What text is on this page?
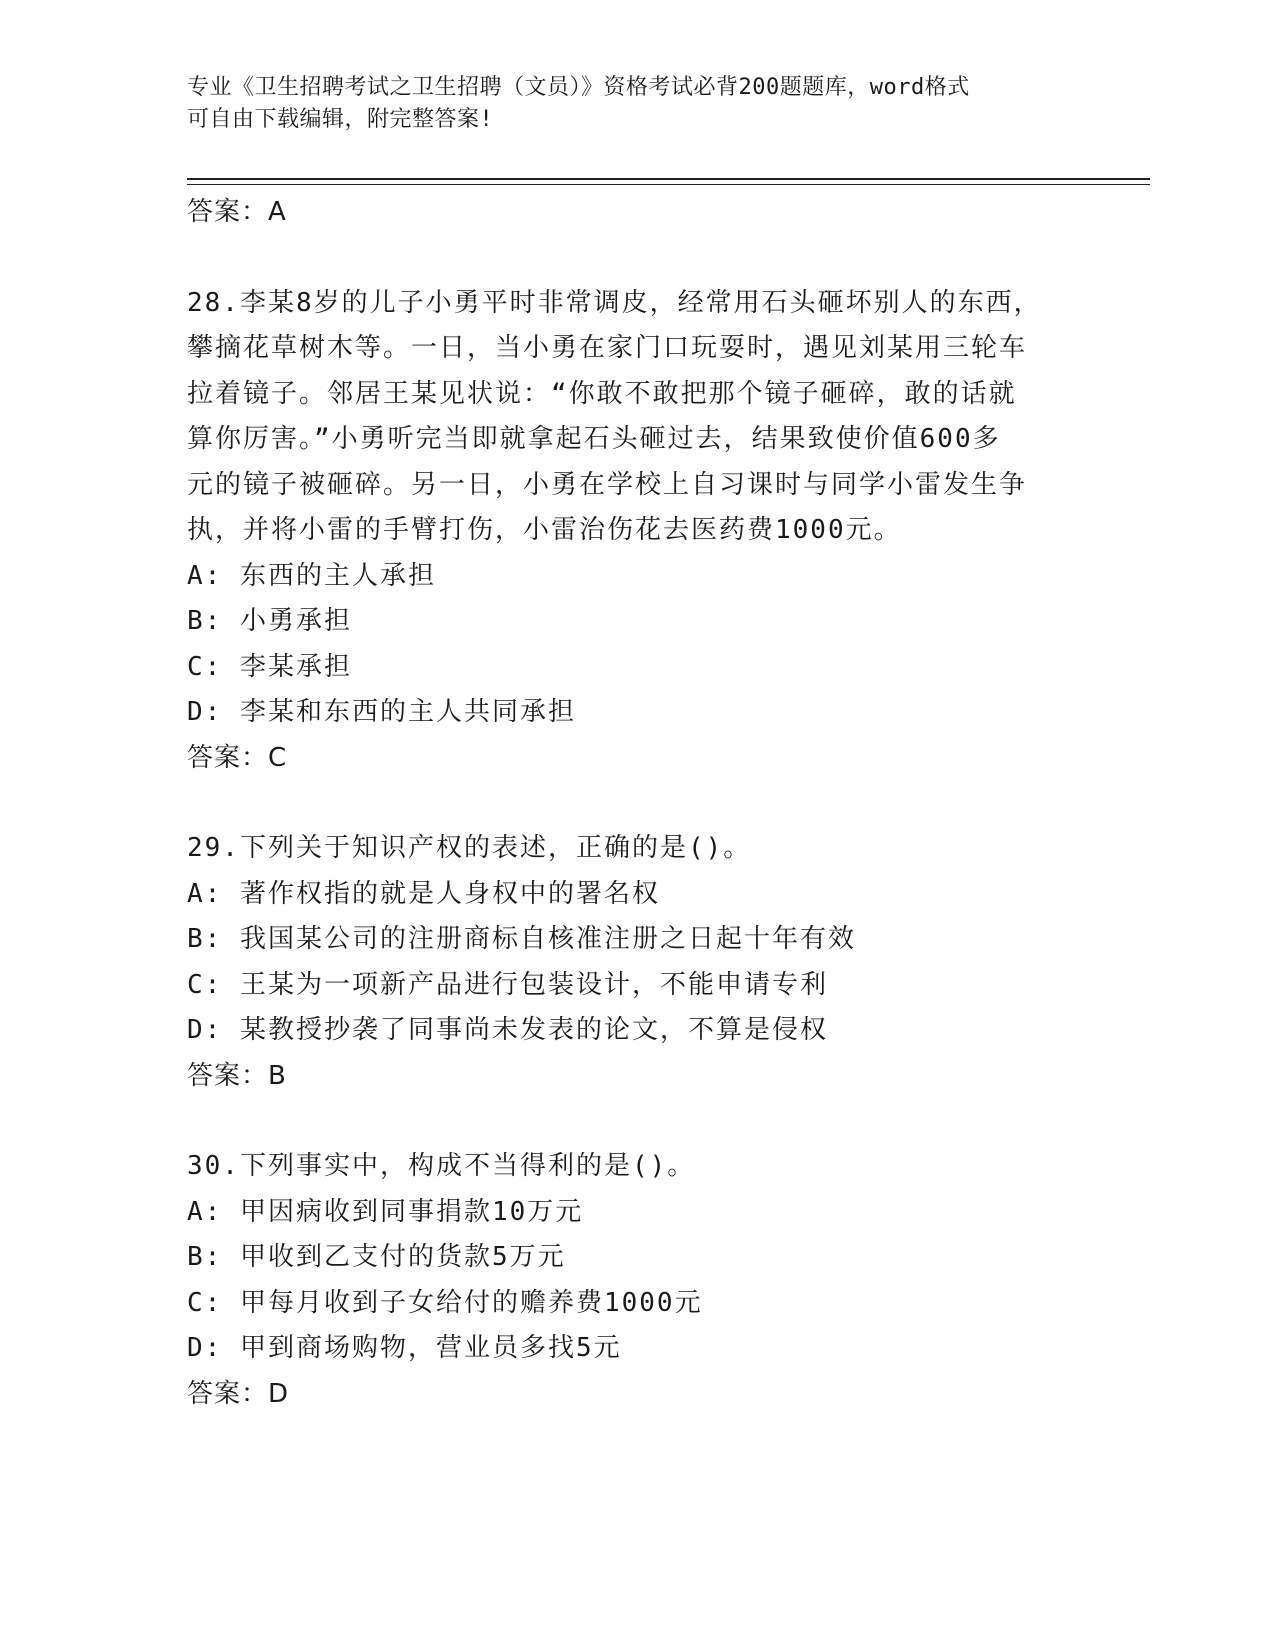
专业《卫生招聘考试之卫生招聘（文员）》资格考试必背200题题库，word格式
可自由下载编辑，附完整答案!
答案：A
28.李某8岁的儿子小勇平时非常调皮，经常用石头砸坏别人的东西，
攀摘花草树木等。一日，当小勇在家门口玩耍时，遇见刘某用三轮车
拉着镜子。邻居王某见状说：“你敢不敢把那个镜子砸碎，敢的话就
算你厉害。”小勇听完当即就拿起石头砸过去，结果致使价值600多
元的镜子被砸碎。另一日，小勇在学校上自习课时与同学小雷发生争
执，并将小雷的手臂打伤，小雷治伤花去医药费1000元。
A: 东西的主人承担
B: 小勇承担
C: 李某承担
D: 李某和东西的主人共同承担
答案：C
29.下列关于知识产权的表述，正确的是()。
A: 著作权指的就是人身权中的署名权
B: 我国某公司的注册商标自核准注册之日起十年有效
C: 王某为一项新产品进行包装设计，不能申请专利
D: 某教授抄袭了同事尚未发表的论文，不算是侵权
答案：B
30.下列事实中，构成不当得利的是()。
A: 甲因病收到同事捐款10万元
B: 甲收到乙支付的货款5万元
C: 甲每月收到子女给付的赡养费1000元
D: 甲到商场购物，营业员多找5元
答案：D
